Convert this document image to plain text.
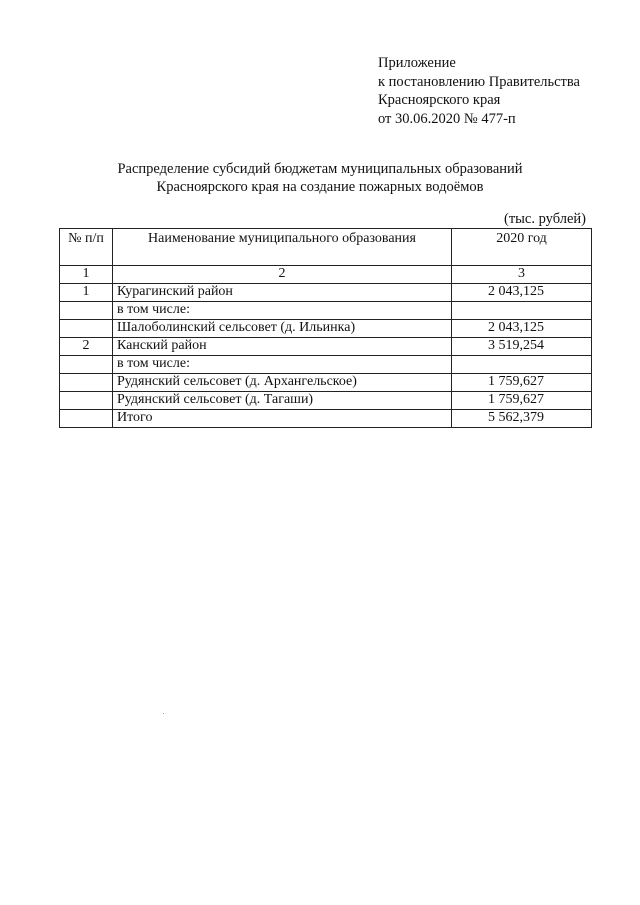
Приложение
к постановлению Правительства
Красноярского края
от 30.06.2020 № 477-п
Распределение субсидий бюджетам муниципальных образований
Красноярского края на создание пожарных водоёмов
(тыс. рублей)
№ п/п	Наименование муниципального образования	2020 год
1	2	3
1	Курагинский район	2 043,125
	в том числе:	
	Шалоболинский сельсовет (д. Ильинка)	2 043,125
2	Канский район	3 519,254
	в том числе:	
	Рудянский сельсовет (д. Архангельское)	1 759,627
	Рудянский сельсовет (д. Тагаши)	1 759,627
	Итого	5 562,379
